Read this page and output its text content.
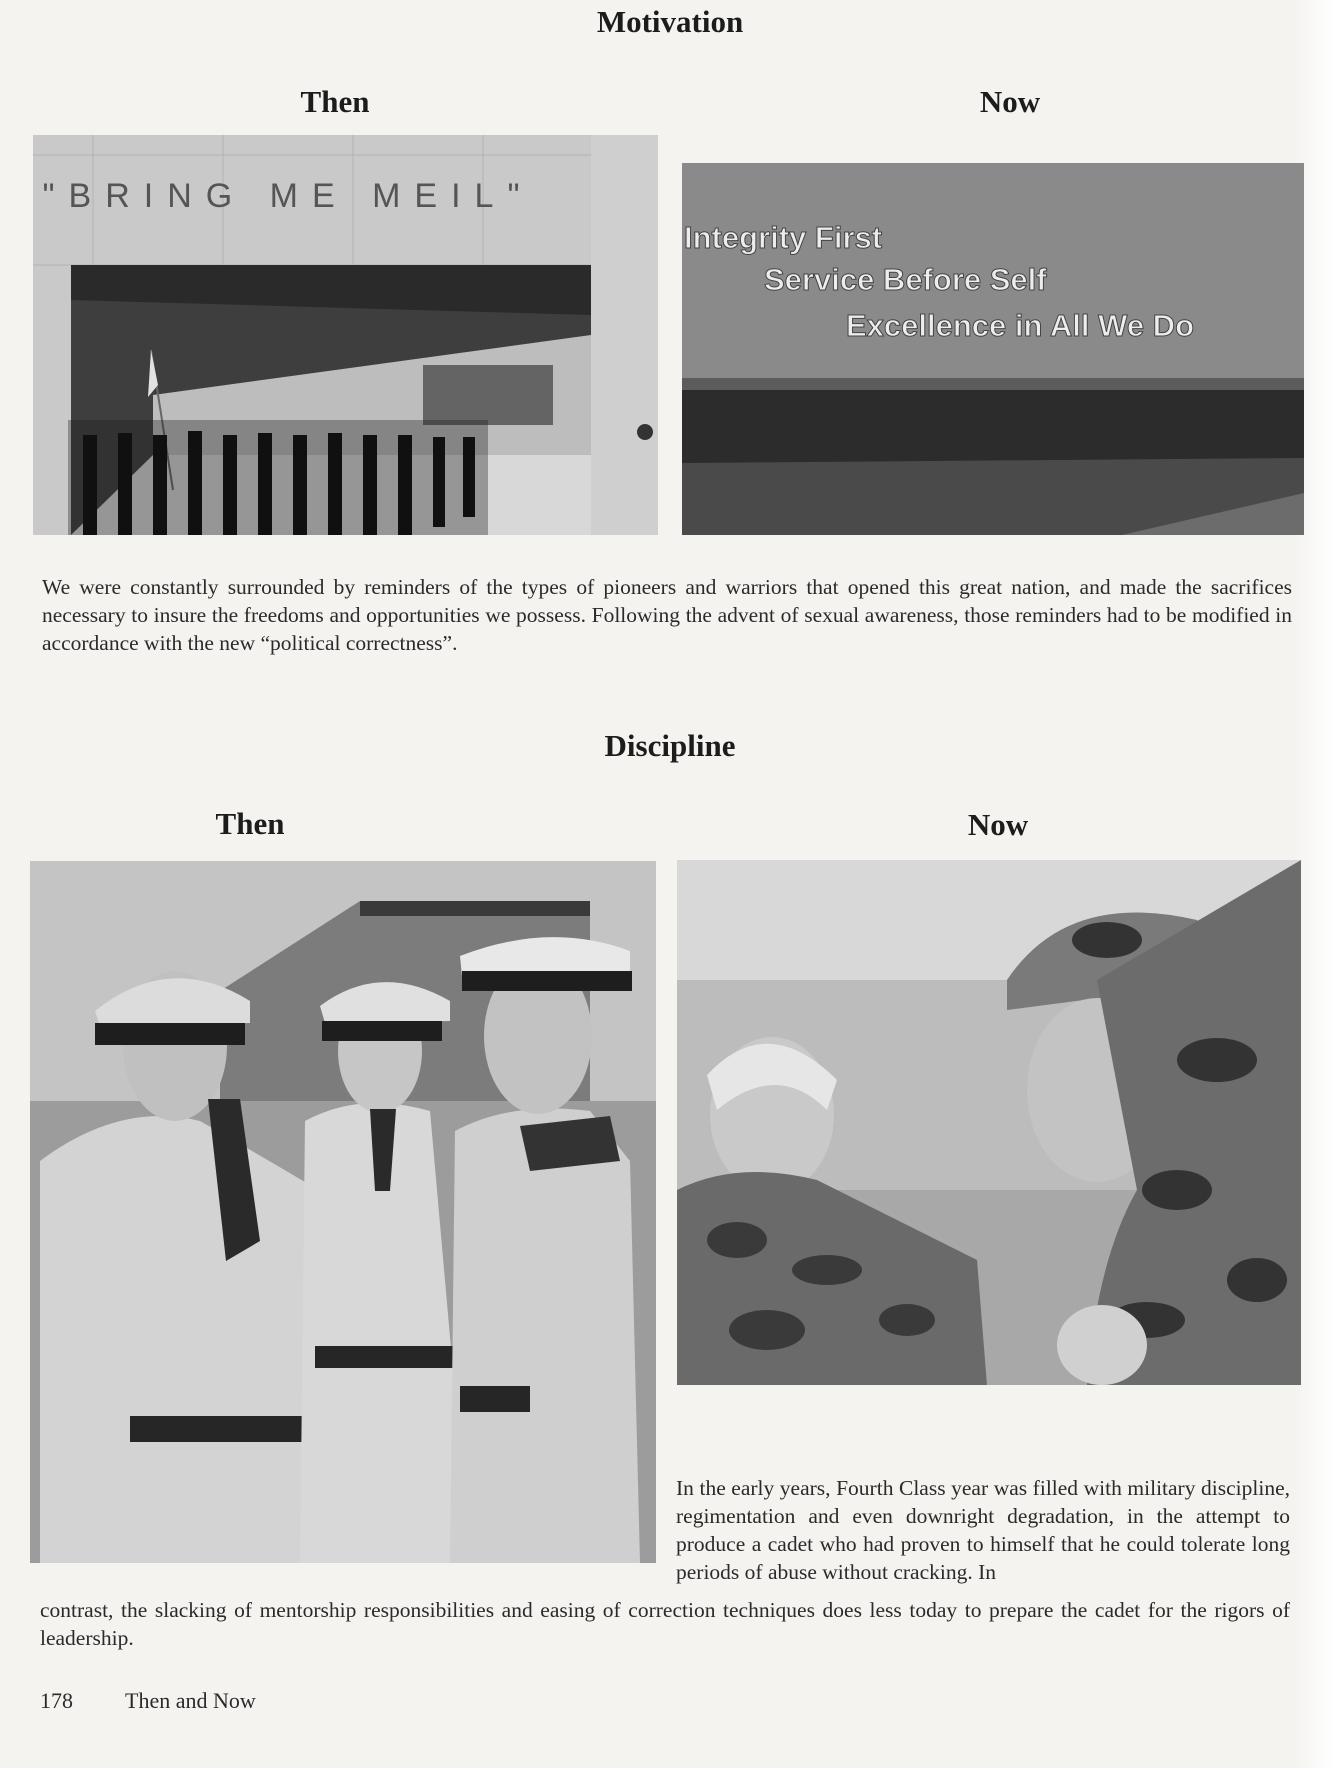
Motivation
Then	Now
"BRING ME MEIL"
Integrity First
Service Before Self
Excellence in All We Do
We were constantly surrounded by reminders of the types of pioneers and warriors that opened this great nation, and made the sacrifices necessary to insure the freedoms and opportunities we possess. Following the advent of sexual awareness, those reminders had to be modified in accordance with the new “political correctness”.
Discipline
Then	Now
In the early years, Fourth Class year was filled with military discipline, regimentation and even downright degradation, in the attempt to produce a cadet who had proven to himself that he could tolerate long periods of abuse without cracking. In
contrast, the slacking of mentorship responsibilities and easing of correction techniques does less today to prepare the cadet for the rigors of leadership.
178 Then and Now
